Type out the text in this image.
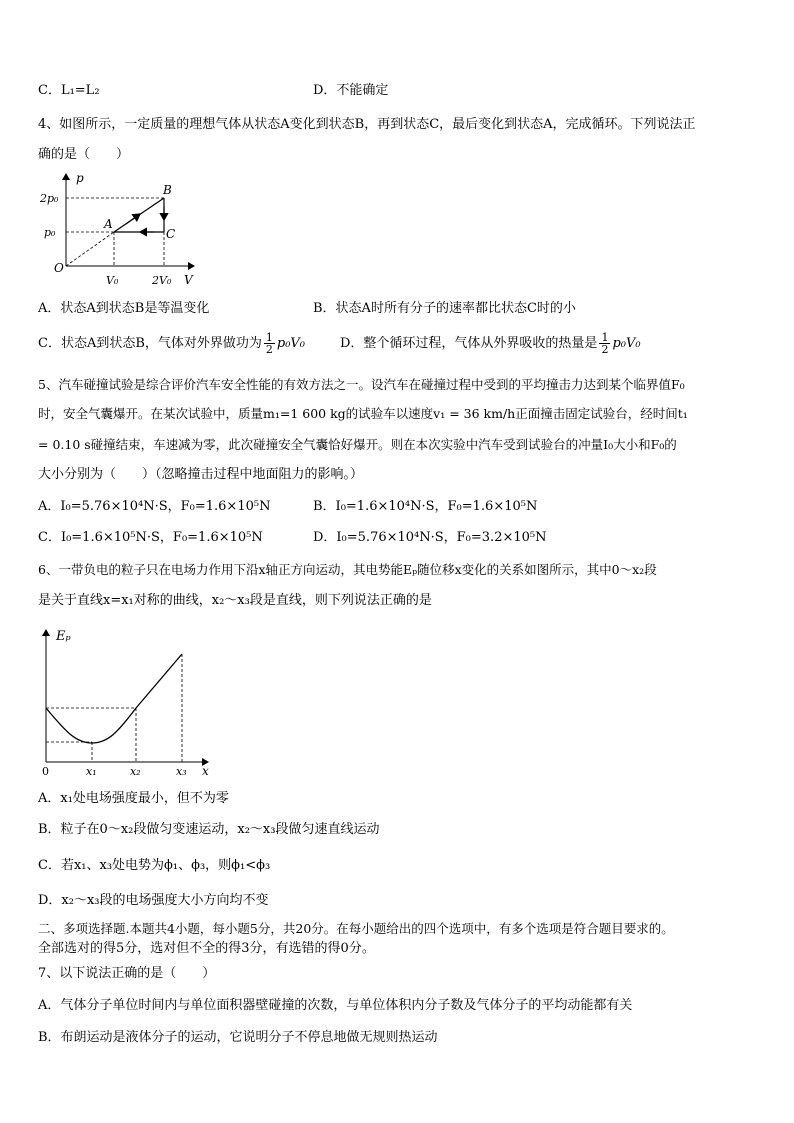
C．L₁=L₂	D．不能确定
4、如图所示，一定质量的理想气体从状态A变化到状态B，再到状态C，最后变化到状态A，完成循环。下列说法正
确的是（　　）
p
V
O
2p₀
p₀
V₀	2V₀
A
B
C
A．状态A到状态B是等温变化	B．状态A时所有分子的速率都比状态C时的小
C．状态A到状态B，气体对外界做功为 $\frac{1}{2} p_0V_0$	D．整个循环过程，气体从外界吸收的热量是 $\frac{1}{2} p_0V_0$
5、汽车碰撞试验是综合评价汽车安全性能的有效方法之一。设汽车在碰撞过程中受到的平均撞击力达到某个临界值F₀
时，安全气囊爆开。在某次试验中，质量m₁=1 600 kg的试验车以速度v₁ = 36 km/h正面撞击固定试验台，经时间t₁
= 0.10 s碰撞结束，车速减为零，此次碰撞安全气囊恰好爆开。则在本次实验中汽车受到试验台的冲量I₀大小和F₀的
大小分别为（　　）（忽略撞击过程中地面阻力的影响。）
A．I₀=5.76×10⁴N·S，F₀=1.6×10⁵N	B．I₀=1.6×10⁴N·S，F₀=1.6×10⁵N
C．I₀=1.6×10⁵N·S，F₀=1.6×10⁵N	D．I₀=5.76×10⁴N·S，F₀=3.2×10⁵N
6、一带负电的粒子只在电场力作用下沿x轴正方向运动，其电势能Eₚ随位移x变化的关系如图所示，其中0～x₂段
是关于直线x=x₁对称的曲线，x₂～x₃段是直线，则下列说法正确的是
Eₚ
x
0	x₁	x₂	x₃
A．x₁处电场强度最小，但不为零
B．粒子在0～x₂段做匀变速运动，x₂～x₃段做匀速直线运动
C．若x₁、x₃处电势为ϕ₁、ϕ₃，则ϕ₁<ϕ₃
D．x₂～x₃段的电场强度大小方向均不变
二、多项选择题.本题共4小题，每小题5分，共20分。在每小题给出的四个选项中，有多个选项是符合题目要求的。
全部选对的得5分，选对但不全的得3分，有选错的得0分。
7、以下说法正确的是（　　）
A．气体分子单位时间内与单位面积器壁碰撞的次数，与单位体积内分子数及气体分子的平均动能都有关
B．布朗运动是液体分子的运动，它说明分子不停息地做无规则热运动
